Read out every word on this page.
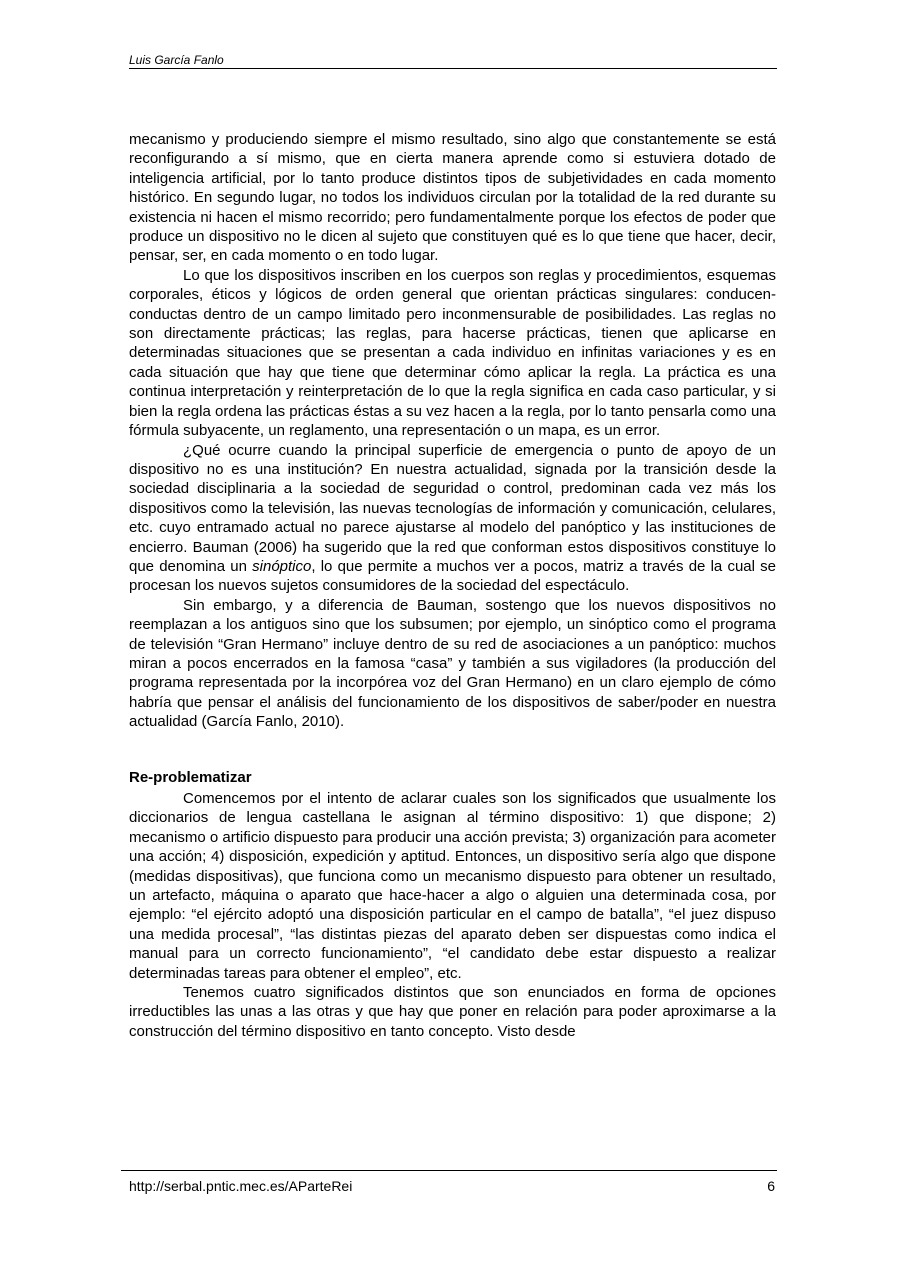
Luis García Fanlo

mecanismo y produciendo siempre el mismo resultado, sino algo que constantemente se está reconfigurando a sí mismo, que en cierta manera aprende como si estuviera dotado de inteligencia artificial, por lo tanto produce distintos tipos de subjetividades en cada momento histórico. En segundo lugar, no todos los individuos circulan por la totalidad de la red durante su existencia ni hacen el mismo recorrido; pero fundamentalmente porque los efectos de poder que produce un dispositivo no le dicen al sujeto que constituyen qué es lo que tiene que hacer, decir, pensar, ser, en cada momento o en todo lugar.

Lo que los dispositivos inscriben en los cuerpos son reglas y procedimientos, esquemas corporales, éticos y lógicos de orden general que orientan prácticas singulares: conducen-conductas dentro de un campo limitado pero inconmensurable de posibilidades. Las reglas no son directamente prácticas; las reglas, para hacerse prácticas, tienen que aplicarse en determinadas situaciones que se presentan a cada individuo en infinitas variaciones y es en cada situación que hay que tiene que determinar cómo aplicar la regla. La práctica es una continua interpretación y reinterpretación de lo que la regla significa en cada caso particular, y si bien la regla ordena las prácticas éstas a su vez hacen a la regla, por lo tanto pensarla como una fórmula subyacente, un reglamento, una representación o un mapa, es un error.

¿Qué ocurre cuando la principal superficie de emergencia o punto de apoyo de un dispositivo no es una institución? En nuestra actualidad, signada por la transición desde la sociedad disciplinaria a la sociedad de seguridad o control, predominan cada vez más los dispositivos como la televisión, las nuevas tecnologías de información y comunicación, celulares, etc. cuyo entramado actual no parece ajustarse al modelo del panóptico y las instituciones de encierro. Bauman (2006) ha sugerido que la red que conforman estos dispositivos constituye lo que denomina un sinóptico, lo que permite a muchos ver a pocos, matriz a través de la cual se procesan los nuevos sujetos consumidores de la sociedad del espectáculo.

Sin embargo, y a diferencia de Bauman, sostengo que los nuevos dispositivos no reemplazan a los antiguos sino que los subsumen; por ejemplo, un sinóptico como el programa de televisión “Gran Hermano” incluye dentro de su red de asociaciones a un panóptico: muchos miran a pocos encerrados en la famosa “casa” y también a sus vigiladores (la producción del programa representada por la incorpórea voz del Gran Hermano) en un claro ejemplo de cómo habría que pensar el análisis del funcionamiento de los dispositivos de saber/poder en nuestra actualidad (García Fanlo, 2010).

Re-problematizar

Comencemos por el intento de aclarar cuales son los significados que usualmente los diccionarios de lengua castellana le asignan al término dispositivo: 1) que dispone; 2) mecanismo o artificio dispuesto para producir una acción prevista; 3) organización para acometer una acción; 4) disposición, expedición y aptitud. Entonces, un dispositivo sería algo que dispone (medidas dispositivas), que funciona como un mecanismo dispuesto para obtener un resultado, un artefacto, máquina o aparato que hace-hacer a algo o alguien una determinada cosa, por ejemplo: “el ejército adoptó una disposición particular en el campo de batalla”, “el juez dispuso una medida procesal”, “las distintas piezas del aparato deben ser dispuestas como indica el manual para un correcto funcionamiento”, “el candidato debe estar dispuesto a realizar determinadas tareas para obtener el empleo”, etc.

Tenemos cuatro significados distintos que son enunciados en forma de opciones irreductibles las unas a las otras y que hay que poner en relación para poder aproximarse a la construcción del término dispositivo en tanto concepto. Visto desde

http://serbal.pntic.mec.es/AParteRei	6
